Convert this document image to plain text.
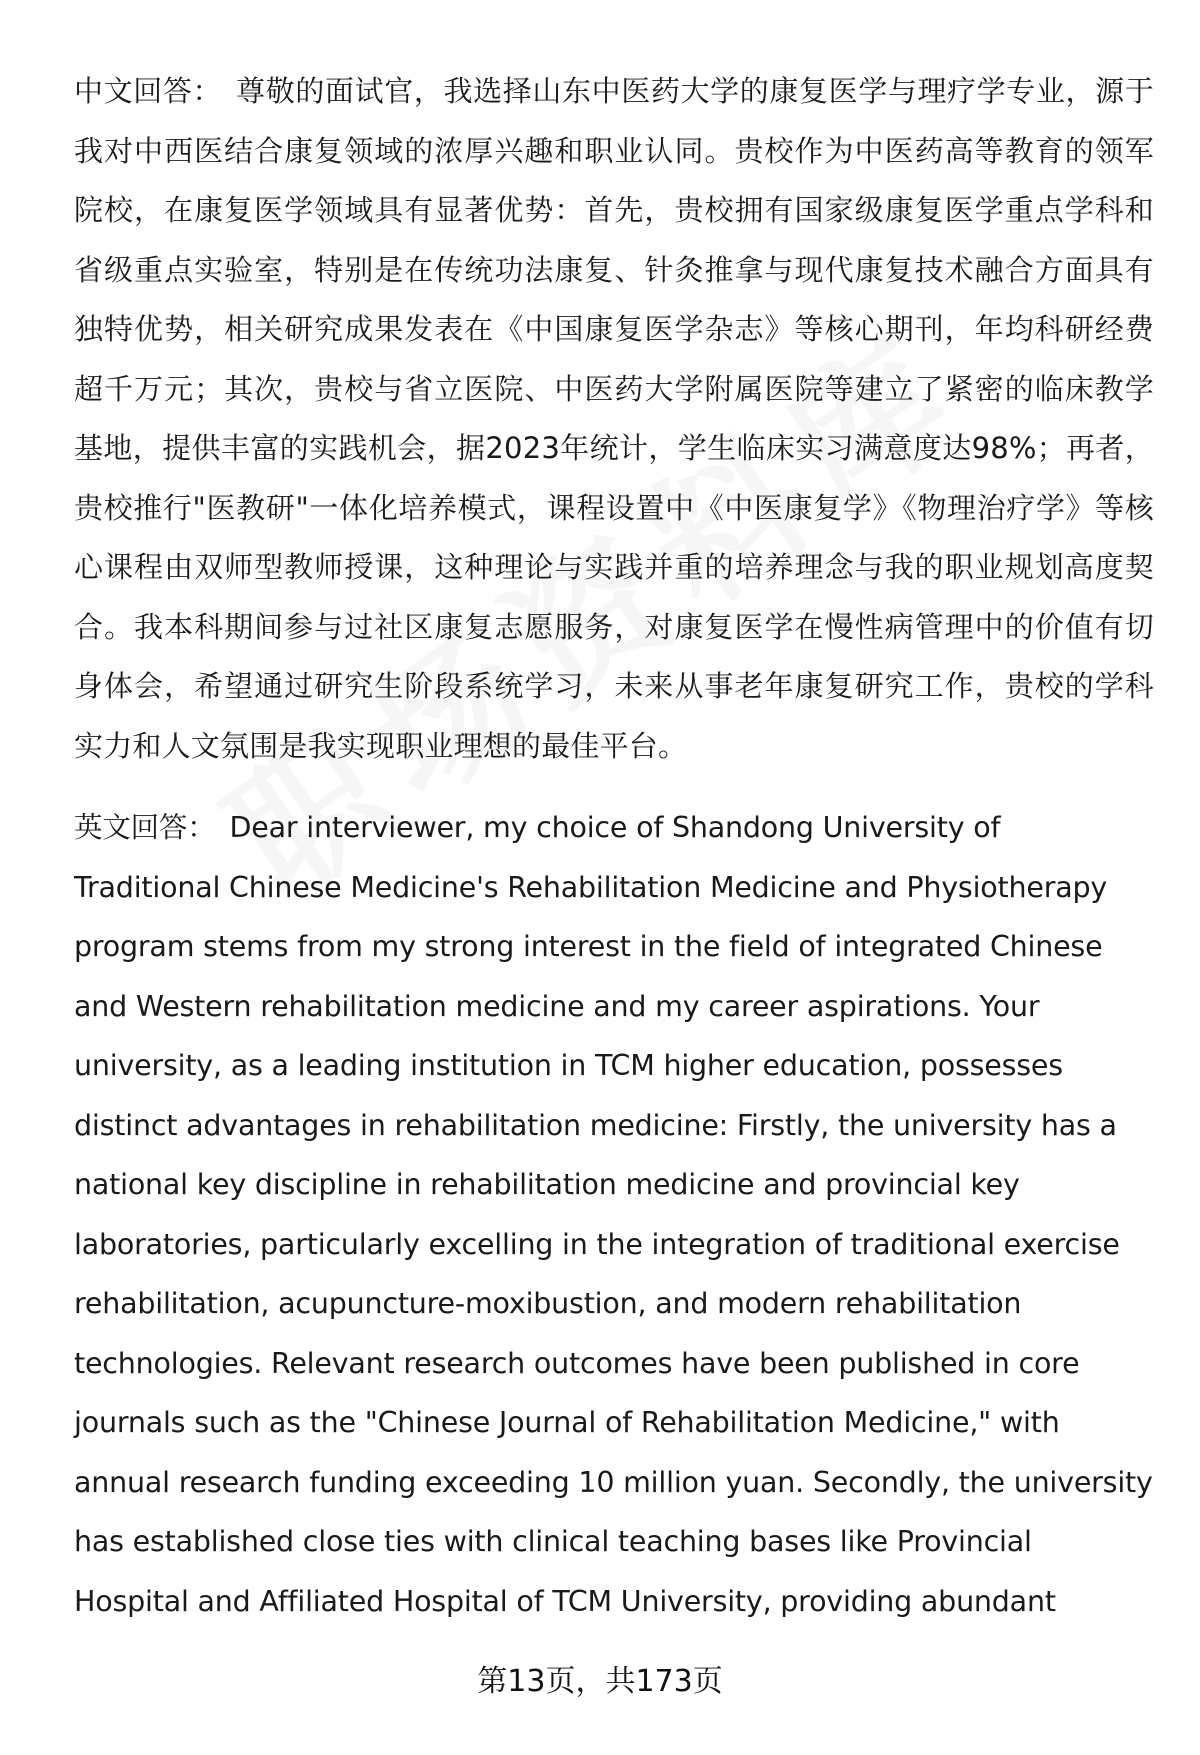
中文回答： 尊敬的面试官，我选择山东中医药大学的康复医学与理疗学专业，源于我对中西医结合康复领域的浓厚兴趣和职业认同。贵校作为中医药高等教育的领军院校，在康复医学领域具有显著优势：首先，贵校拥有国家级康复医学重点学科和省级重点实验室，特别是在传统功法康复、针灸推拿与现代康复技术融合方面具有独特优势，相关研究成果发表在《中国康复医学杂志》等核心期刊，年均科研经费超千万元；其次，贵校与省立医院、中医药大学附属医院等建立了紧密的临床教学基地，提供丰富的实践机会，据2023年统计，学生临床实习满意度达98%；再者，贵校推行"医教研"一体化培养模式，课程设置中《中医康复学》《物理治疗学》等核心课程由双师型教师授课，这种理论与实践并重的培养理念与我的职业规划高度契合。我本科期间参与过社区康复志愿服务，对康复医学在慢性病管理中的价值有切身体会，希望通过研究生阶段系统学习，未来从事老年康复研究工作，贵校的学科实力和人文氛围是我实现职业理想的最佳平台。

英文回答： Dear interviewer, my choice of Shandong University of Traditional Chinese Medicine's Rehabilitation Medicine and Physiotherapy program stems from my strong interest in the field of integrated Chinese and Western rehabilitation medicine and my career aspirations. Your university, as a leading institution in TCM higher education, possesses distinct advantages in rehabilitation medicine: Firstly, the university has a national key discipline in rehabilitation medicine and provincial key laboratories, particularly excelling in the integration of traditional exercise rehabilitation, acupuncture-moxibustion, and modern rehabilitation technologies. Relevant research outcomes have been published in core journals such as the "Chinese Journal of Rehabilitation Medicine," with annual research funding exceeding 10 million yuan. Secondly, the university has established close ties with clinical teaching bases like Provincial Hospital and Affiliated Hospital of TCM University, providing abundant

第13页，共173页
